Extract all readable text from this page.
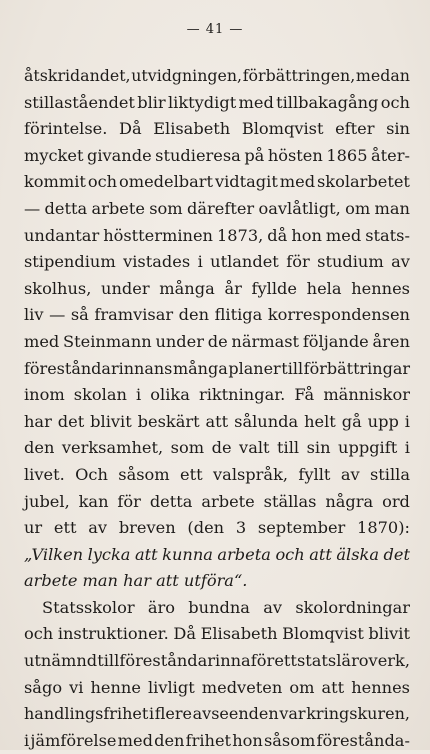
— 41 —
åtskridandet, utvidgningen, förbättringen, medan
stillaståendet blir liktydigt med tillbakagång och
förintelse. Då Elisabeth Blomqvist efter sin
mycket givande studieresa på hösten 1865 åter-
kommit och omedelbart vidtagit med skolarbetet
— detta arbete som därefter oavlåtligt, om man
undantar höstterminen 1873, då hon med stats-
stipendium vistades i utlandet för studium av
skolhus, under många år fyllde hela hennes
liv — så framvisar den flitiga korrespondensen
med Steinmann under de närmast följande åren
föreståndarinnans många planer till förbättringar
inom skolan i olika riktningar. Få människor
har det blivit beskärt att sålunda helt gå upp i
den verksamhet, som de valt till sin uppgift i
livet. Och såsom ett valspråk, fyllt av stilla
jubel, kan för detta arbete ställas några ord
ur ett av breven (den 3 september 1870):
„Vilken lycka att kunna arbeta och att älska det
arbete man har att utföra“.
Statsskolor äro bundna av skolordningar
och instruktioner. Då Elisabeth Blomqvist blivit
utnämnd till föreståndarinna för ett statsläroverk,
sågo vi henne livligt medveten om att hennes
handlingsfrihet i flere avseenden var kringskuren,
i jämförelse med den frihet hon såsom förestånda-
